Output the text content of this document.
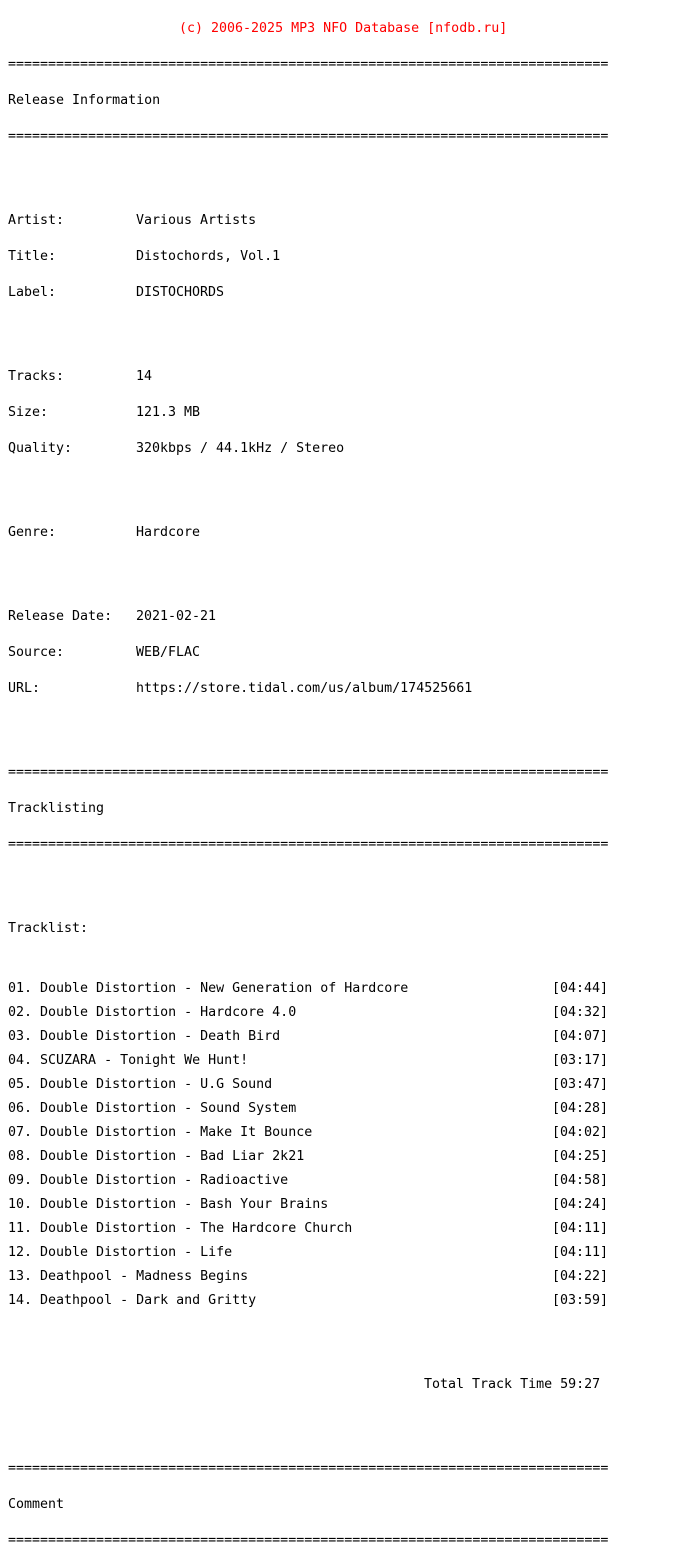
(c) 2006-2025 MP3 NFO Database [nfodb.ru]

===========================================================================

Release Information

===========================================================================

Artist:	Various Artists

Title:	Distochords, Vol.1

Label:	DISTOCHORDS

Tracks:	14

Size:	121.3 MB

Quality:	320kbps / 44.1kHz / Stereo

Genre:	Hardcore

Release Date: 2021-02-21

Source:	WEB/FLAC

URL:	https://store.tidal.com/us/album/174525661

===========================================================================

Tracklisting

===========================================================================

Tracklist:

01. Double Distortion - New Generation of Hardcore	[04:44]
02. Double Distortion - Hardcore 4.0	[04:32]
03. Double Distortion - Death Bird	[04:07]
04. SCUZARA - Tonight We Hunt!	[03:17]
05. Double Distortion - U.G Sound	[03:47]
06. Double Distortion - Sound System	[04:28]
07. Double Distortion - Make It Bounce	[04:02]
08. Double Distortion - Bad Liar 2k21	[04:25]
09. Double Distortion - Radioactive	[04:58]
10. Double Distortion - Bash Your Brains	[04:24]
11. Double Distortion - The Hardcore Church	[04:11]
12. Double Distortion - Life	[04:11]
13. Deathpool - Madness Begins	[04:22]
14. Deathpool - Dark and Gritty	[03:59]

Total Track Time 59:27

===========================================================================

Comment

===========================================================================
